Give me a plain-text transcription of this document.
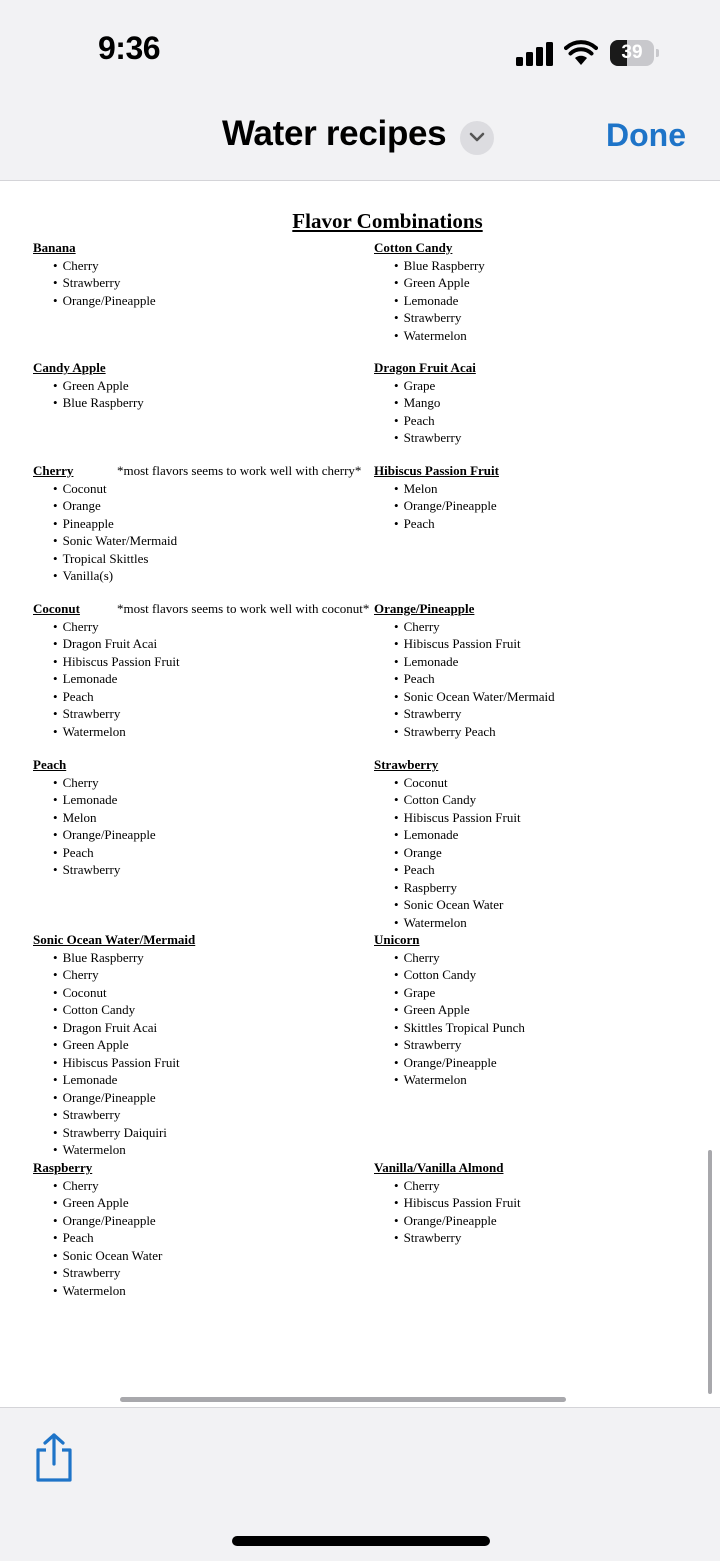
9:36	39
Water recipes	Done
Flavor Combinations
Banana
• Cherry
• Strawberry
• Orange/Pineapple
Cotton Candy
• Blue Raspberry
• Green Apple
• Lemonade
• Strawberry
• Watermelon
Candy Apple
• Green Apple
• Blue Raspberry
Dragon Fruit Acai
• Grape
• Mango
• Peach
• Strawberry
Cherry	*most flavors seems to work well with cherry*
• Coconut
• Orange
• Pineapple
• Sonic Water/Mermaid
• Tropical Skittles
• Vanilla(s)
Hibiscus Passion Fruit
• Melon
• Orange/Pineapple
• Peach
Coconut	*most flavors seems to work well with coconut*
• Cherry
• Dragon Fruit Acai
• Hibiscus Passion Fruit
• Lemonade
• Peach
• Strawberry
• Watermelon
Orange/Pineapple
• Cherry
• Hibiscus Passion Fruit
• Lemonade
• Peach
• Sonic Ocean Water/Mermaid
• Strawberry
• Strawberry Peach
Peach
• Cherry
• Lemonade
• Melon
• Orange/Pineapple
• Peach
• Strawberry
Strawberry
• Coconut
• Cotton Candy
• Hibiscus Passion Fruit
• Lemonade
• Orange
• Peach
• Raspberry
• Sonic Ocean Water
• Watermelon
Sonic Ocean Water/Mermaid
• Blue Raspberry
• Cherry
• Coconut
• Cotton Candy
• Dragon Fruit Acai
• Green Apple
• Hibiscus Passion Fruit
• Lemonade
• Orange/Pineapple
• Strawberry
• Strawberry Daiquiri
• Watermelon
Unicorn
• Cherry
• Cotton Candy
• Grape
• Green Apple
• Skittles Tropical Punch
• Strawberry
• Orange/Pineapple
• Watermelon
Raspberry
• Cherry
• Green Apple
• Orange/Pineapple
• Peach
• Sonic Ocean Water
• Strawberry
• Watermelon
Vanilla/Vanilla Almond
• Cherry
• Hibiscus Passion Fruit
• Orange/Pineapple
• Strawberry
